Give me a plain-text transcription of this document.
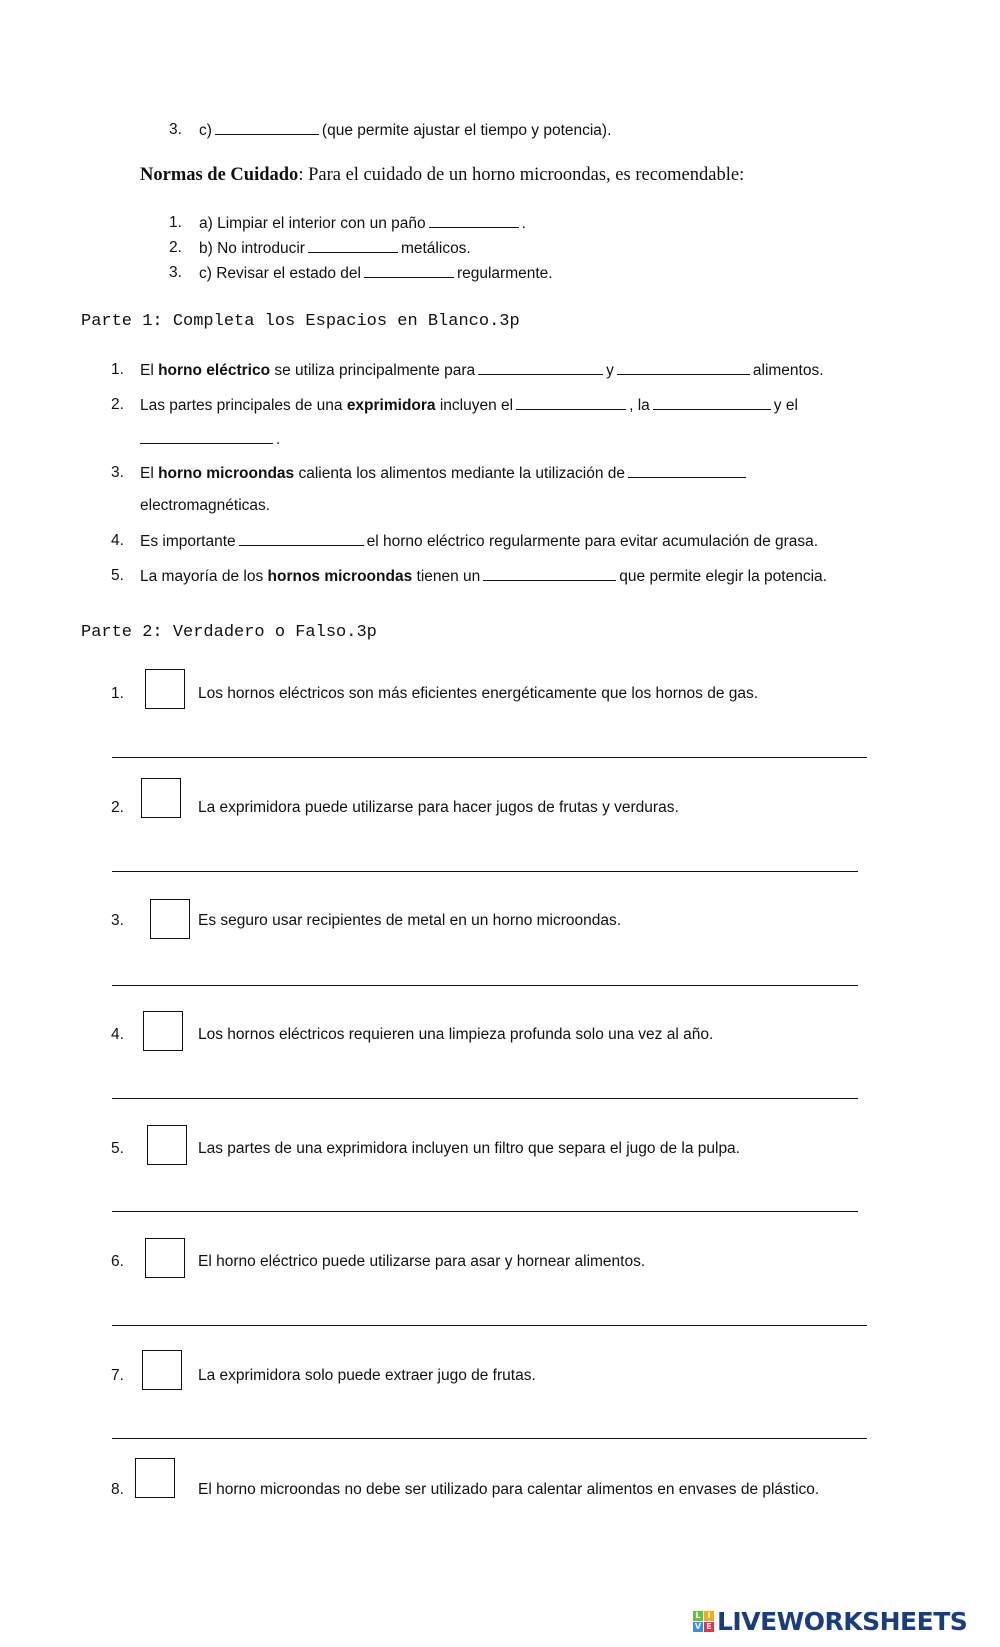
3. c)	(que permite ajustar el tiempo y potencia).
Normas de Cuidado: Para el cuidado de un horno microondas, es recomendable:
1. a) Limpiar el interior con un paño	.
2. b) No introducir	metálicos.
3. c) Revisar el estado del	regularmente.
Parte 1: Completa los Espacios en Blanco.3p
1. El horno eléctrico se utiliza principalmente para	y	alimentos.
2. Las partes principales de una exprimidora incluyen el	, la	y el
.
3. El horno microondas calienta los alimentos mediante la utilización de
electromagnéticas.
4. Es importante	el horno eléctrico regularmente para evitar acumulación de grasa.
5. La mayoría de los hornos microondas tienen un	que permite elegir la potencia.
Parte 2: Verdadero o Falso.3p
1.	Los hornos eléctricos son más eficientes energéticamente que los hornos de gas.
2.	La exprimidora puede utilizarse para hacer jugos de frutas y verduras.
3.	Es seguro usar recipientes de metal en un horno microondas.
4.	Los hornos eléctricos requieren una limpieza profunda solo una vez al año.
5.	Las partes de una exprimidora incluyen un filtro que separa el jugo de la pulpa.
6.	El horno eléctrico puede utilizarse para asar y hornear alimentos.
7.	La exprimidora solo puede extraer jugo de frutas.
8.	El horno microondas no debe ser utilizado para calentar alimentos en envases de plástico.
L I
V E LIVEWORKSHEETS
